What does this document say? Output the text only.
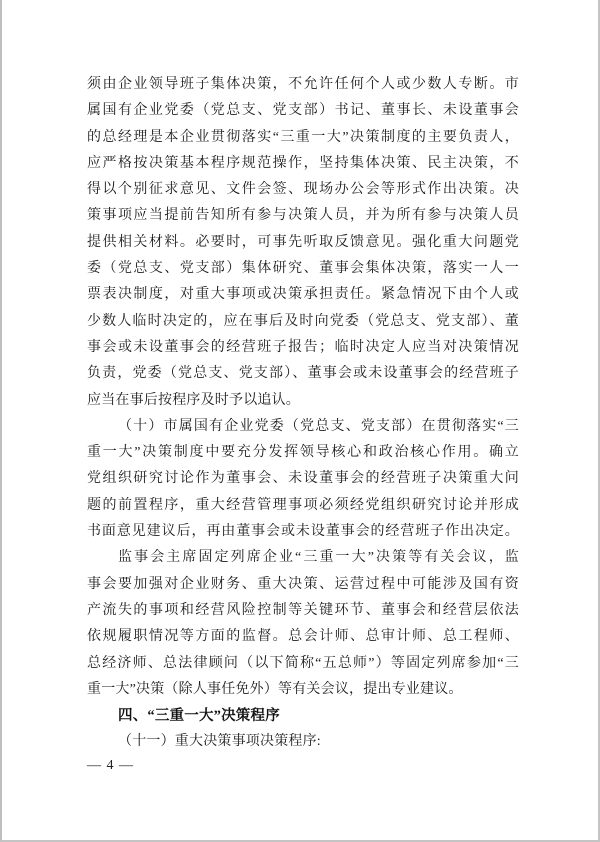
须由企业领导班子集体决策，不允许任何个人或少数人专断。市
属国有企业党委（党总支、党支部）书记、董事长、未设董事会
的总经理是本企业贯彻落实“三重一大”决策制度的主要负责人，
应严格按决策基本程序规范操作，坚持集体决策、民主决策，不
得以个别征求意见、文件会签、现场办公会等形式作出决策。决
策事项应当提前告知所有参与决策人员，并为所有参与决策人员
提供相关材料。必要时，可事先听取反馈意见。强化重大问题党
委（党总支、党支部）集体研究、董事会集体决策，落实一人一
票表决制度，对重大事项或决策承担责任。紧急情况下由个人或
少数人临时决定的，应在事后及时向党委（党总支、党支部）、董
事会或未设董事会的经营班子报告；临时决定人应当对决策情况
负责，党委（党总支、党支部）、董事会或未设董事会的经营班子
应当在事后按程序及时予以追认。
（十）市属国有企业党委（党总支、党支部）在贯彻落实“三
重一大”决策制度中要充分发挥领导核心和政治核心作用。确立
党组织研究讨论作为董事会、未设董事会的经营班子决策重大问
题的前置程序，重大经营管理事项必须经党组织研究讨论并形成
书面意见建议后，再由董事会或未设董事会的经营班子作出决定。
监事会主席固定列席企业“三重一大”决策等有关会议，监
事会要加强对企业财务、重大决策、运营过程中可能涉及国有资
产流失的事项和经营风险控制等关键环节、董事会和经营层依法
依规履职情况等方面的监督。总会计师、总审计师、总工程师、
总经济师、总法律顾问（以下简称“五总师”）等固定列席参加“三
重一大”决策（除人事任免外）等有关会议，提出专业建议。
四、“三重一大”决策程序
（十一）重大决策事项决策程序:
— 4 —
